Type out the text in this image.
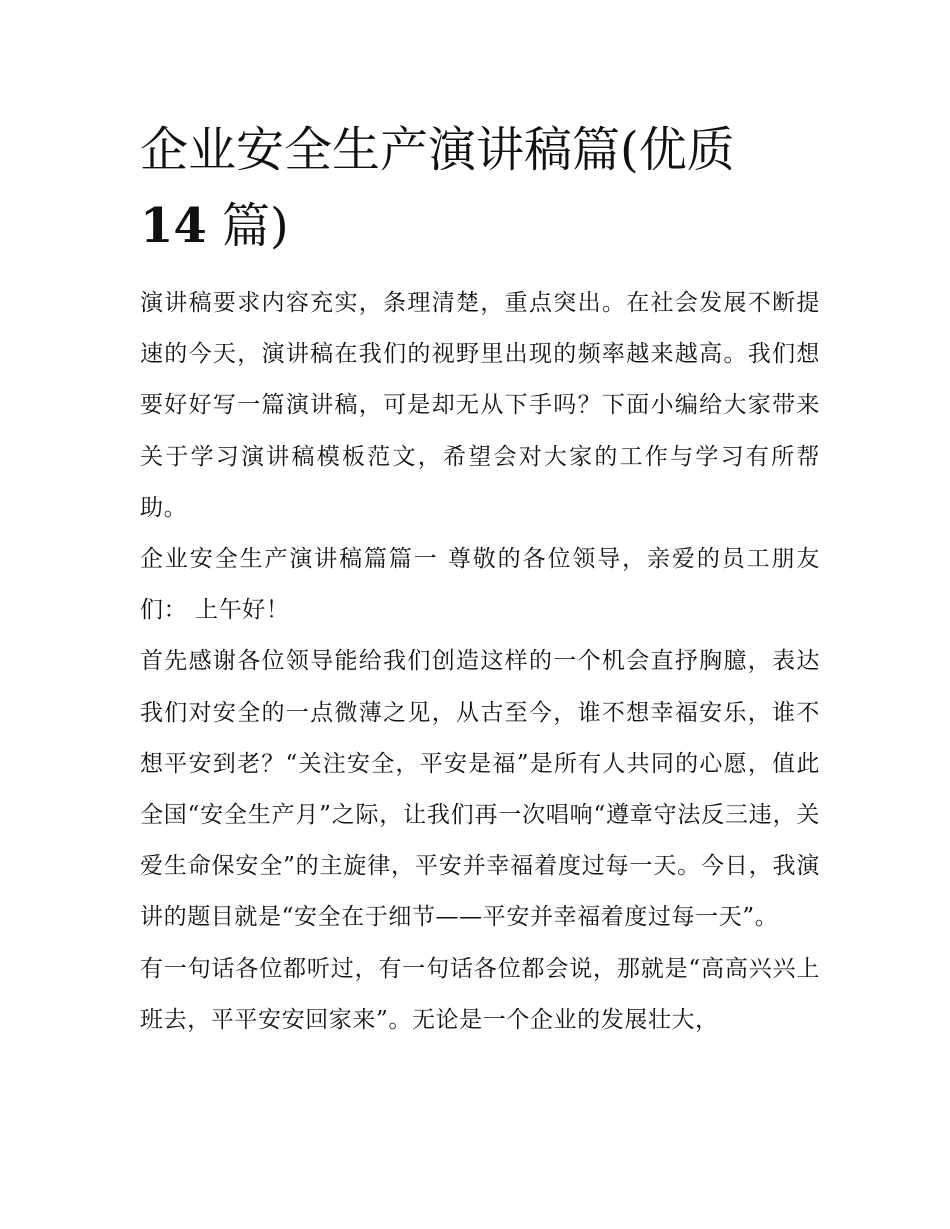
企业安全生产演讲稿篇(优质
14 篇)

演讲稿要求内容充实，条理清楚，重点突出。在社会发展不断提速的今天，演讲稿在我们的视野里出现的频率越来越高。我们想要好好写一篇演讲稿，可是却无从下手吗？下面小编给大家带来关于学习演讲稿模板范文，希望会对大家的工作与学习有所帮助。

企业安全生产演讲稿篇篇一 尊敬的各位领导，亲爱的员工朋友们： 上午好！

首先感谢各位领导能给我们创造这样的一个机会直抒胸臆，表达我们对安全的一点微薄之见，从古至今，谁不想幸福安乐，谁不想平安到老？“关注安全，平安是福”是所有人共同的心愿，值此全国“安全生产月”之际，让我们再一次唱响“遵章守法反三违，关爱生命保安全”的主旋律，平安并幸福着度过每一天。今日，我演讲的题目就是“安全在于细节——平安并幸福着度过每一天”。

有一句话各位都听过，有一句话各位都会说，那就是“高高兴兴上班去，平平安安回家来”。无论是一个企业的发展壮大，
